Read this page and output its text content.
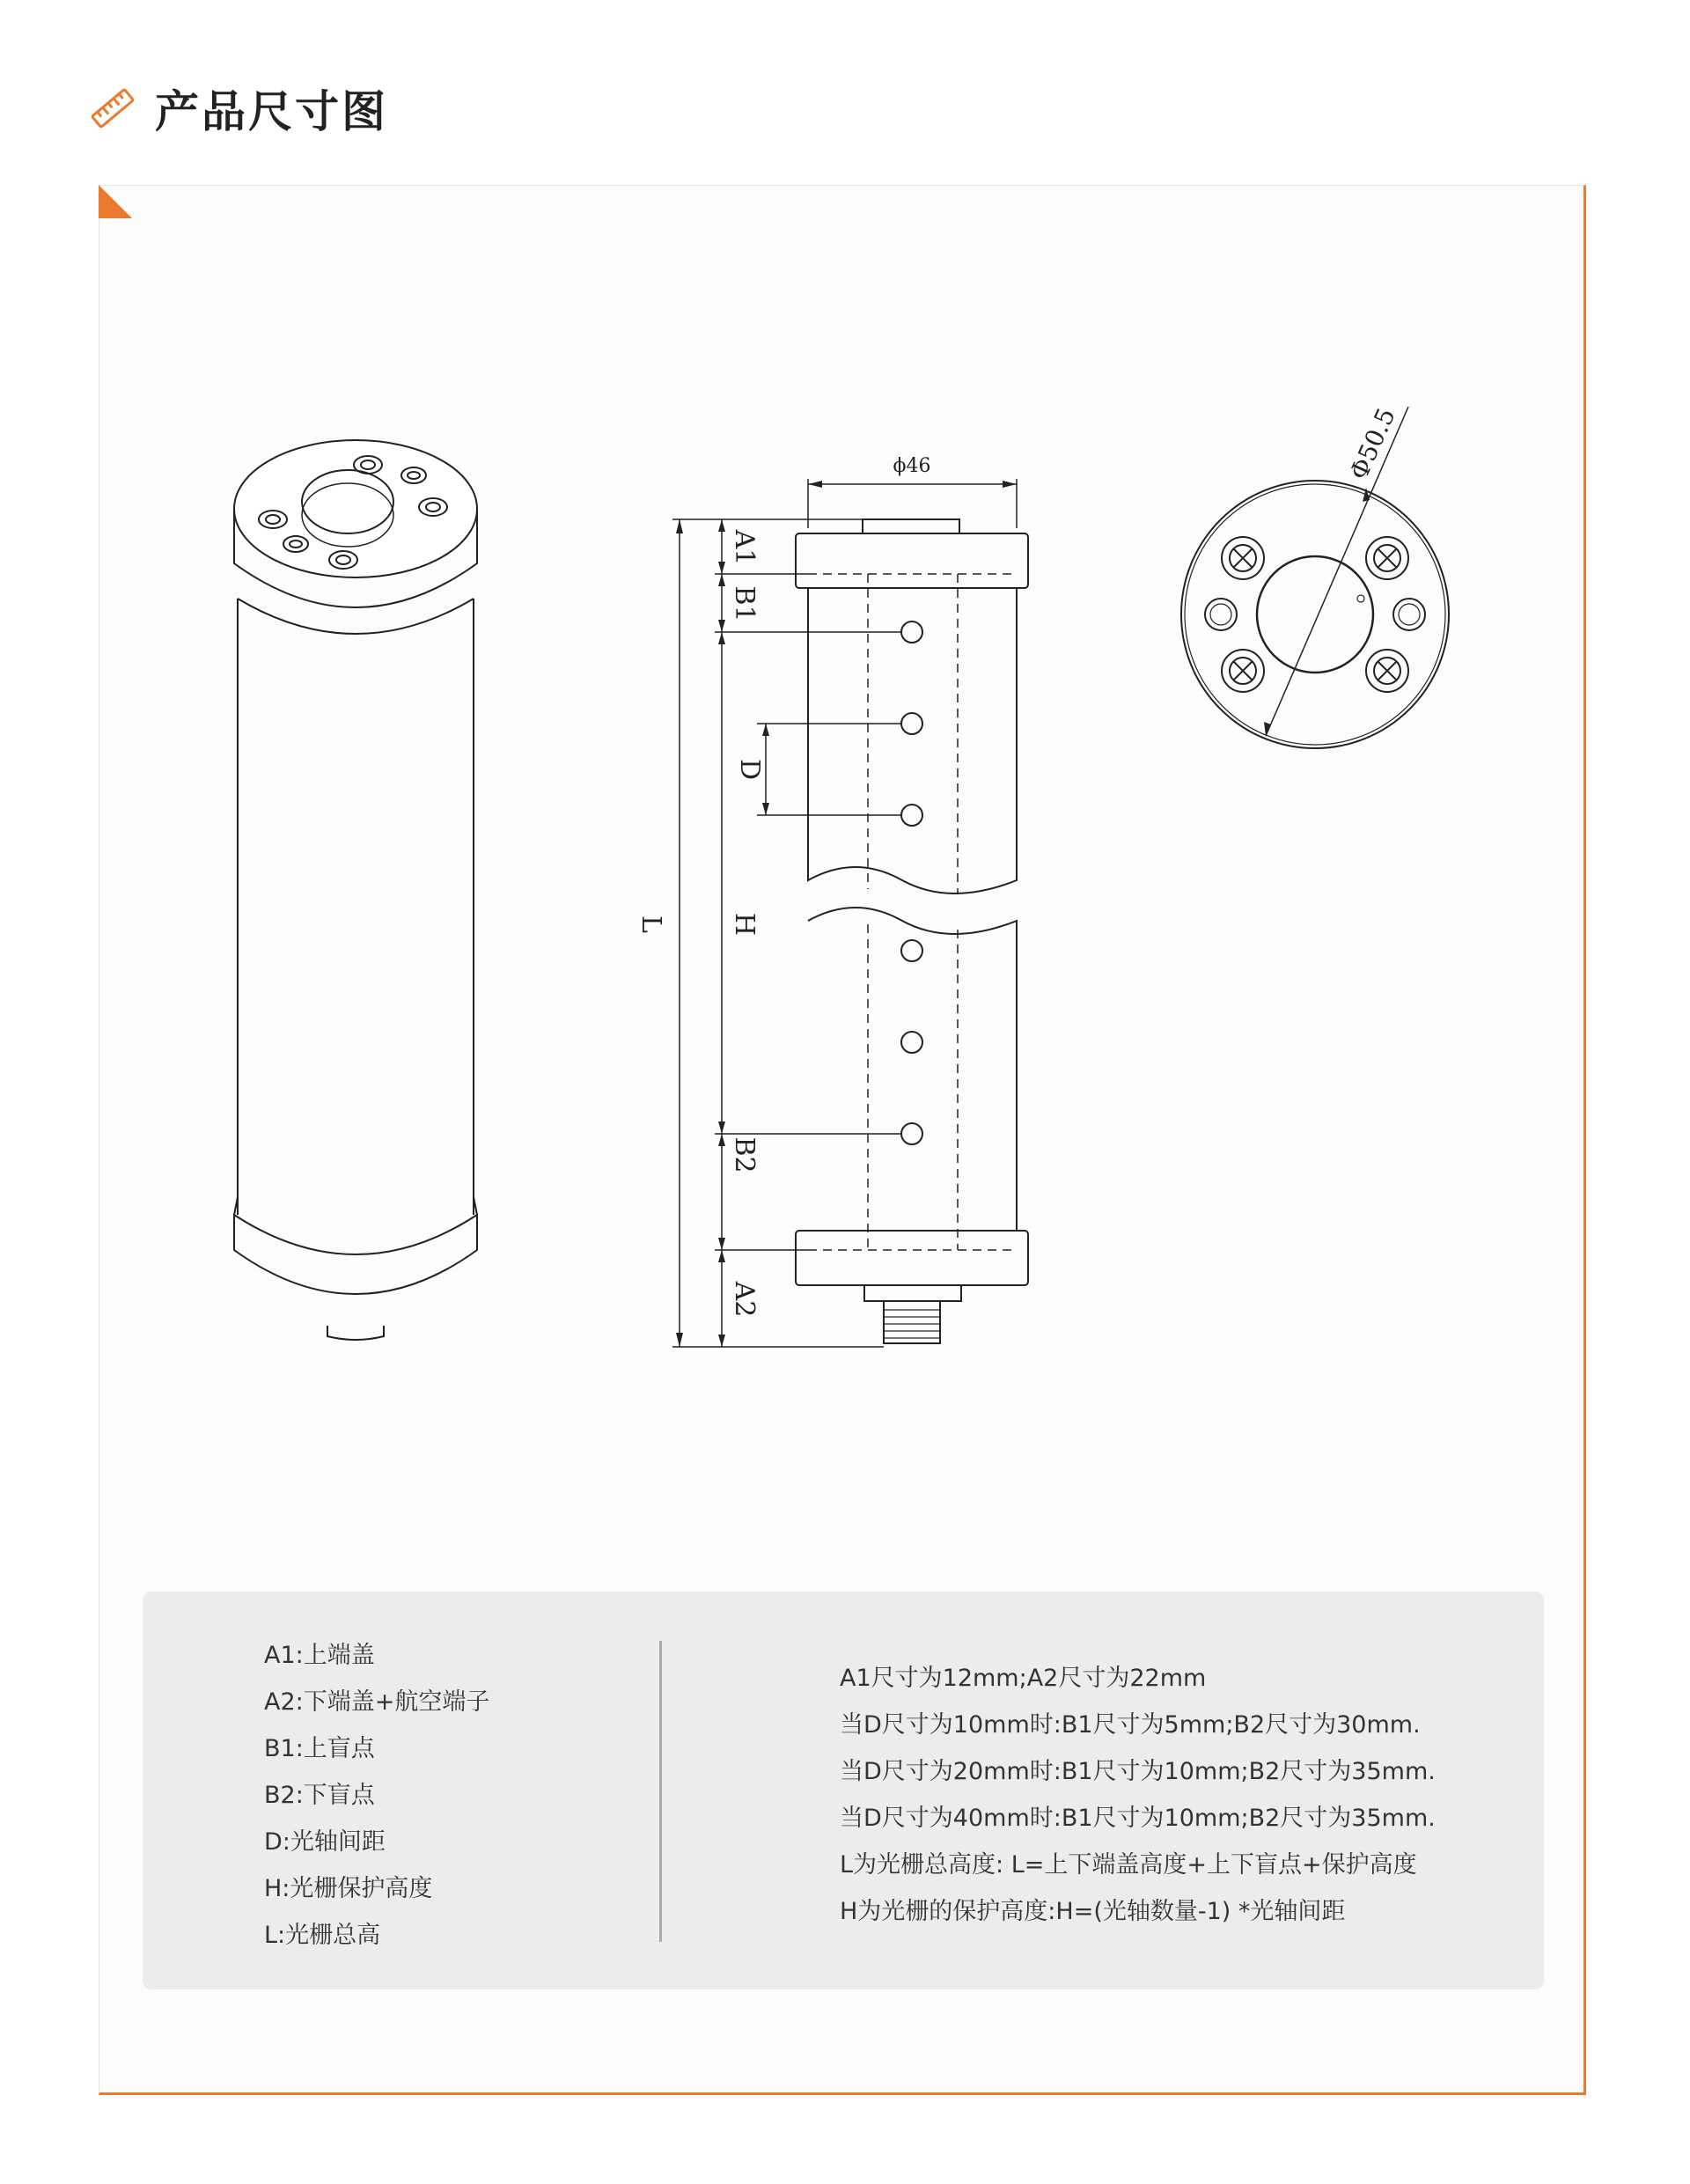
产品尺寸图
ϕ46
L
A1
B1
D
H
B2
A2
Φ50.5
A1:上端盖
A2:下端盖+航空端子
B1:上盲点
B2:下盲点
D:光轴间距
H:光栅保护高度
L:光栅总高
A1尺寸为12mm;A2尺寸为22mm
当D尺寸为10mm时:B1尺寸为5mm;B2尺寸为30mm.
当D尺寸为20mm时:B1尺寸为10mm;B2尺寸为35mm.
当D尺寸为40mm时:B1尺寸为10mm;B2尺寸为35mm.
L为光栅总高度: L=上下端盖高度+上下盲点+保护高度
H为光栅的保护高度:H=(光轴数量-1) *光轴间距
